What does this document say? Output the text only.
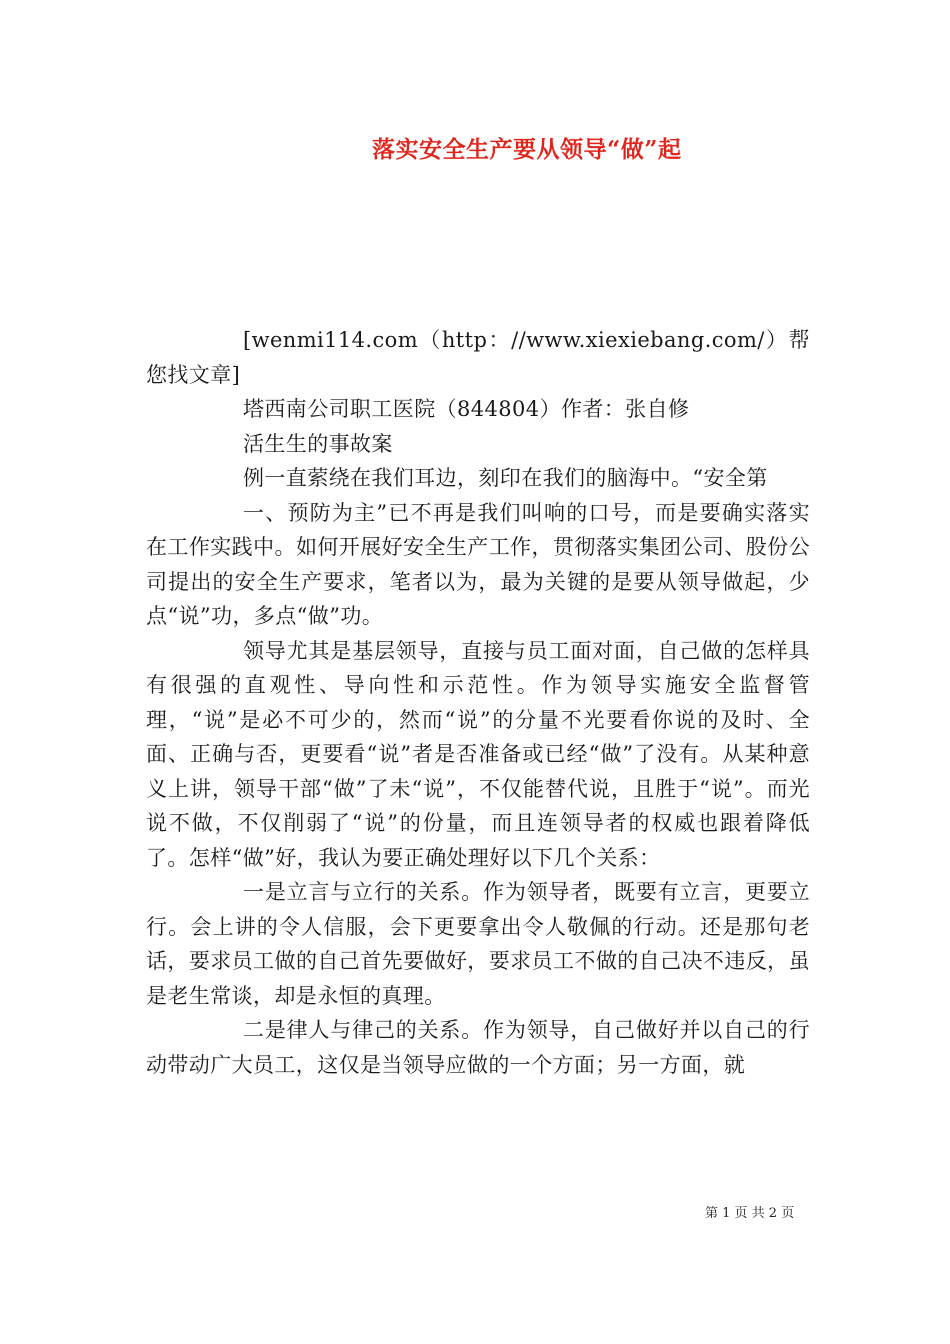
落实安全生产要从领导“做”起

[wenmi114.com（http：//www.xiexiebang.com/）帮您找文章]

塔西南公司职工医院（844804）作者：张自修

活生生的事故案

例一直萦绕在我们耳边，刻印在我们的脑海中。“安全第

一、预防为主”已不再是我们叫响的口号，而是要确实落实在工作实践中。如何开展好安全生产工作，贯彻落实集团公司、股份公司提出的安全生产要求，笔者以为，最为关键的是要从领导做起，少点“说”功，多点“做”功。

领导尤其是基层领导，直接与员工面对面，自己做的怎样具有很强的直观性、导向性和示范性。作为领导实施安全监督管理，“说”是必不可少的，然而“说”的分量不光要看你说的及时、全面、正确与否，更要看“说”者是否准备或已经“做”了没有。从某种意义上讲，领导干部“做”了未“说”，不仅能替代说，且胜于“说”。而光说不做，不仅削弱了“说”的份量，而且连领导者的权威也跟着降低了。怎样“做”好，我认为要正确处理好以下几个关系：

一是立言与立行的关系。作为领导者，既要有立言，更要立行。会上讲的令人信服，会下更要拿出令人敬佩的行动。还是那句老话，要求员工做的自己首先要做好，要求员工不做的自己决不违反，虽是老生常谈，却是永恒的真理。

二是律人与律己的关系。作为领导，自己做好并以自己的行动带动广大员工，这仅是当领导应做的一个方面；另一方面，就

第 1 页 共 2 页
